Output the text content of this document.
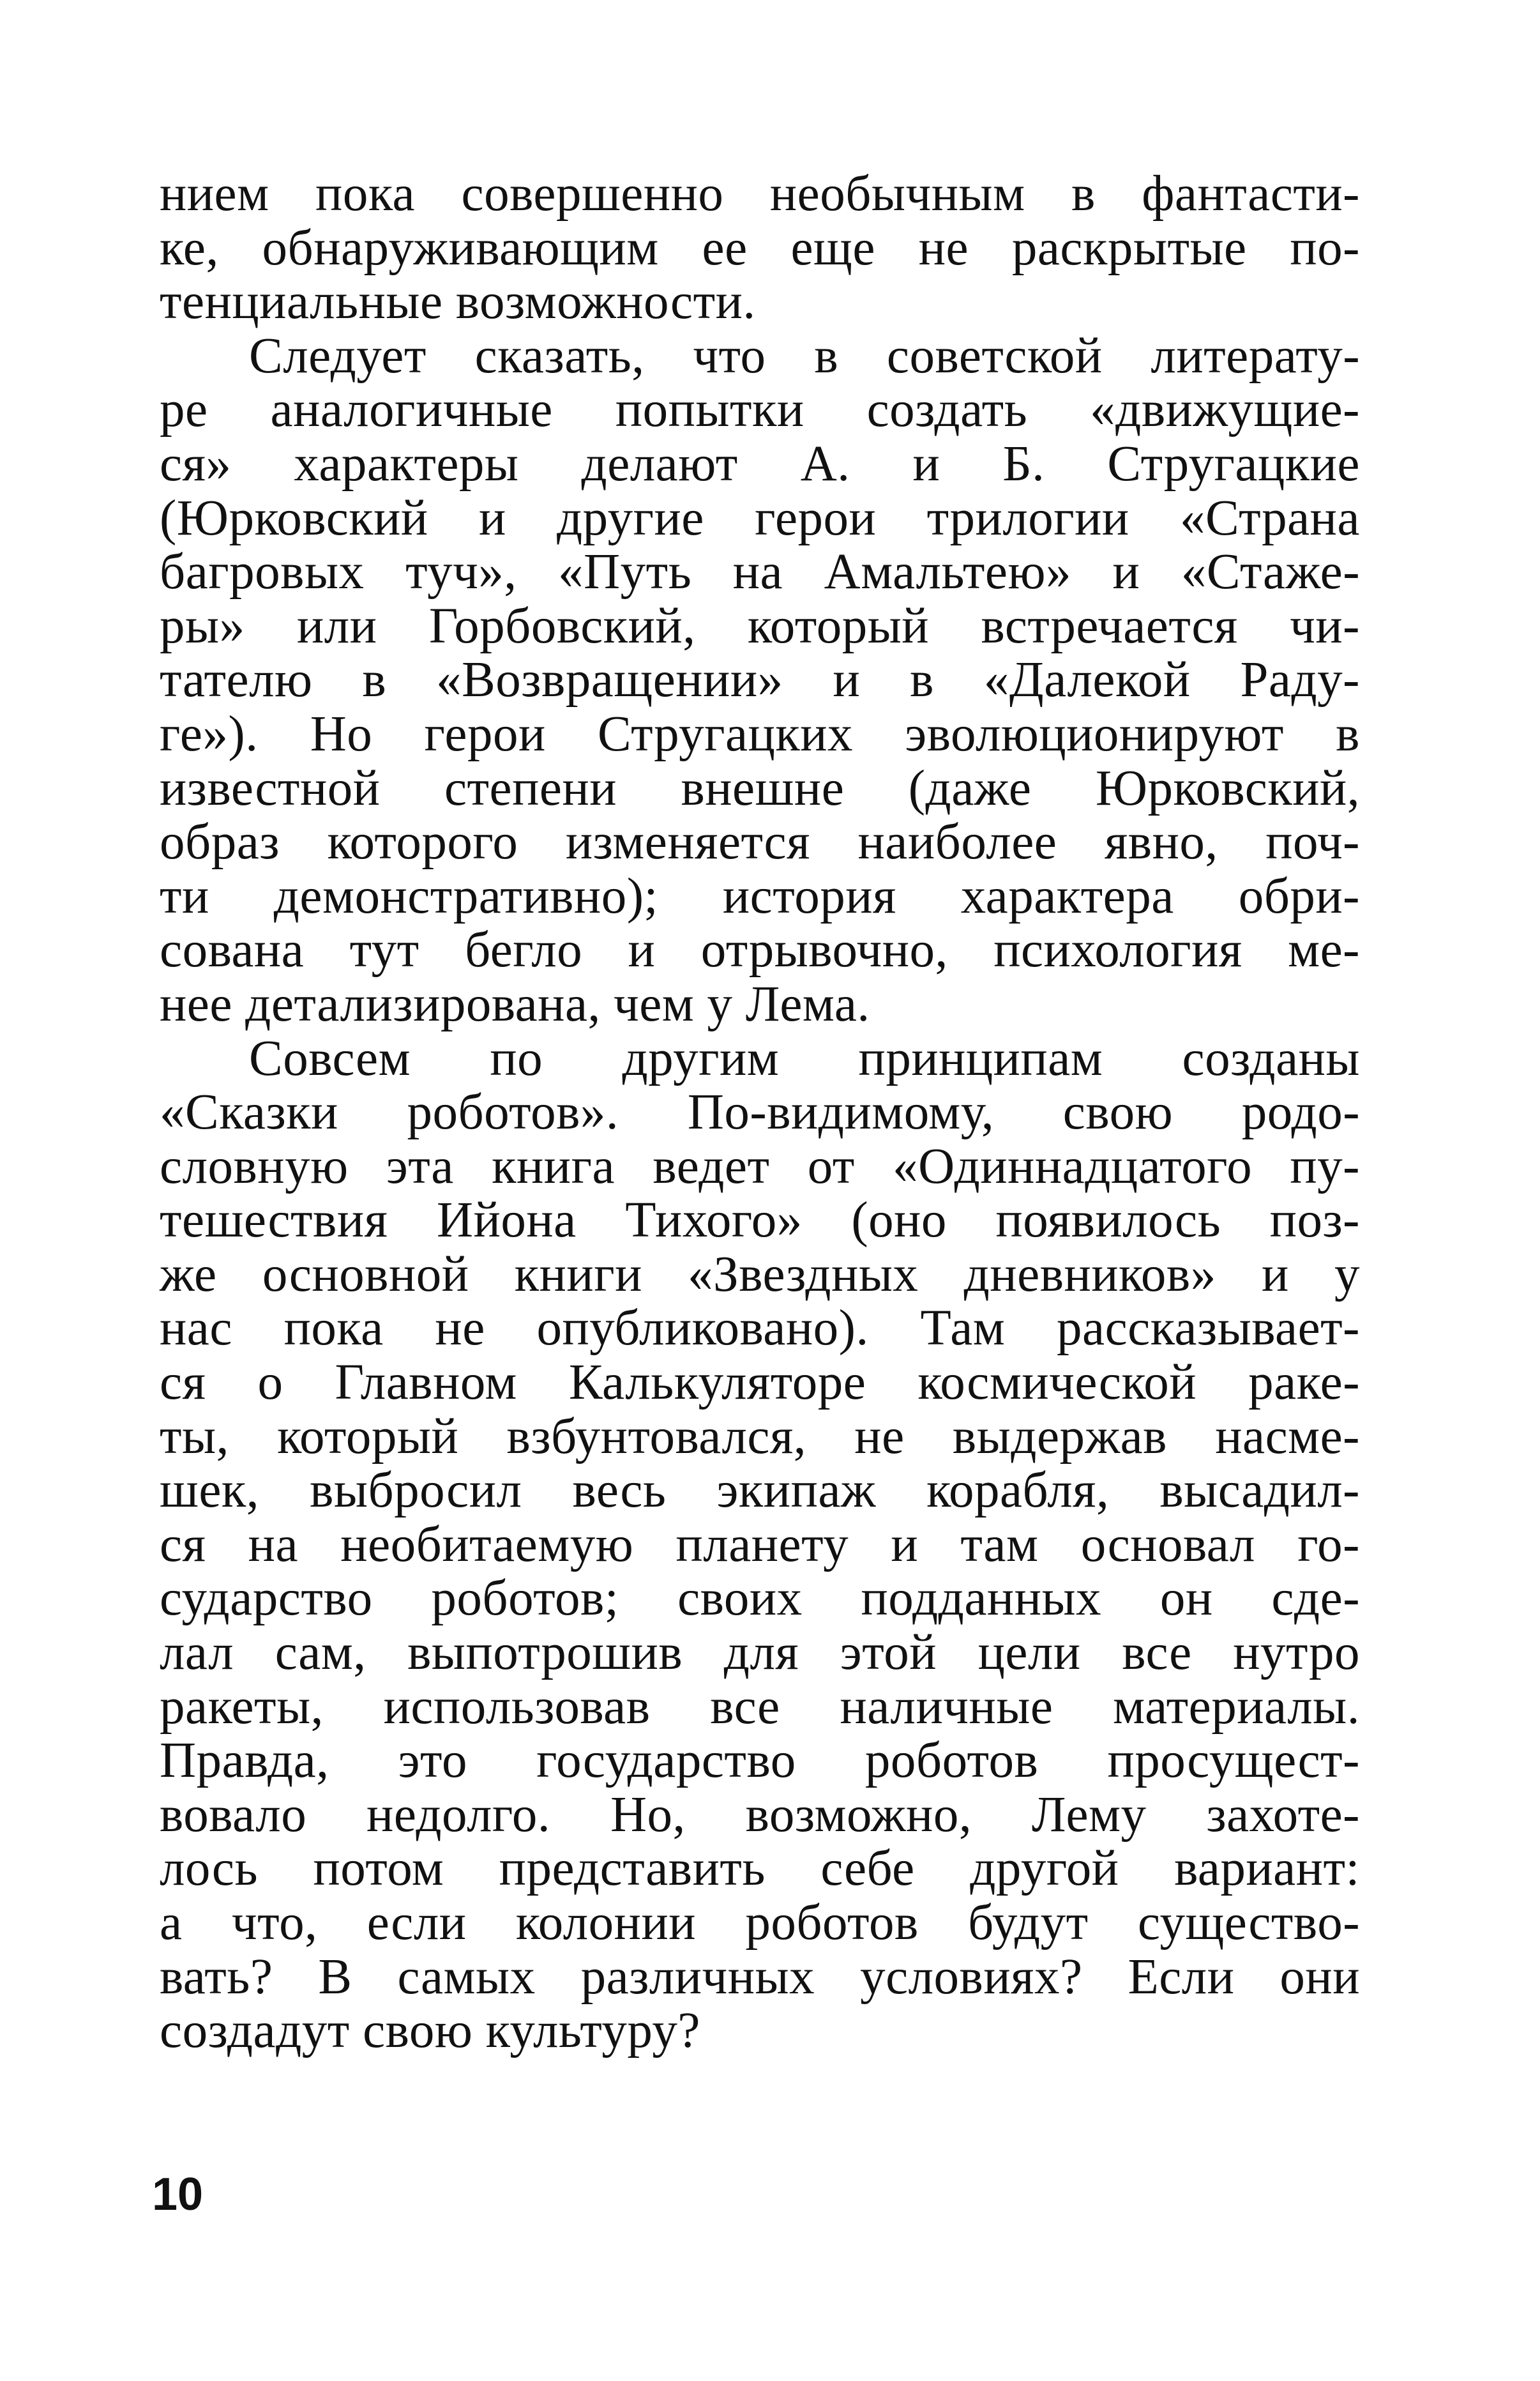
нием пока совершенно необычным в фантасти-
ке, обнаруживающим ее еще не раскрытые по-
тенциальные возможности.
Следует сказать, что в советской литерату-
ре аналогичные попытки создать «движущие-
ся» характеры делают А. и Б. Стругацкие
(Юрковский и другие герои трилогии «Страна
багровых туч», «Путь на Амальтею» и «Стаже-
ры» или Горбовский, который встречается чи-
тателю в «Возвращении» и в «Далекой Раду-
ге»). Но герои Стругацких эволюционируют в
известной степени внешне (даже Юрковский,
образ которого изменяется наиболее явно, поч-
ти демонстративно); история характера обри-
сована тут бегло и отрывочно, психология ме-
нее детализирована, чем у Лема.
Совсем по другим принципам созданы
«Сказки роботов». По-видимому, свою родо-
словную эта книга ведет от «Одиннадцатого пу-
тешествия Ийона Тихого» (оно появилось поз-
же основной книги «Звездных дневников» и у
нас пока не опубликовано). Там рассказывает-
ся о Главном Калькуляторе космической раке-
ты, который взбунтовался, не выдержав насме-
шек, выбросил весь экипаж корабля, высадил-
ся на необитаемую планету и там основал го-
сударство роботов; своих подданных он сде-
лал сам, выпотрошив для этой цели все нутро
ракеты, использовав все наличные материалы.
Правда, это государство роботов просущест-
вовало недолго. Но, возможно, Лему захоте-
лось потом представить себе другой вариант:
а что, если колонии роботов будут существо-
вать? В самых различных условиях? Если они
создадут свою культуру?
10
